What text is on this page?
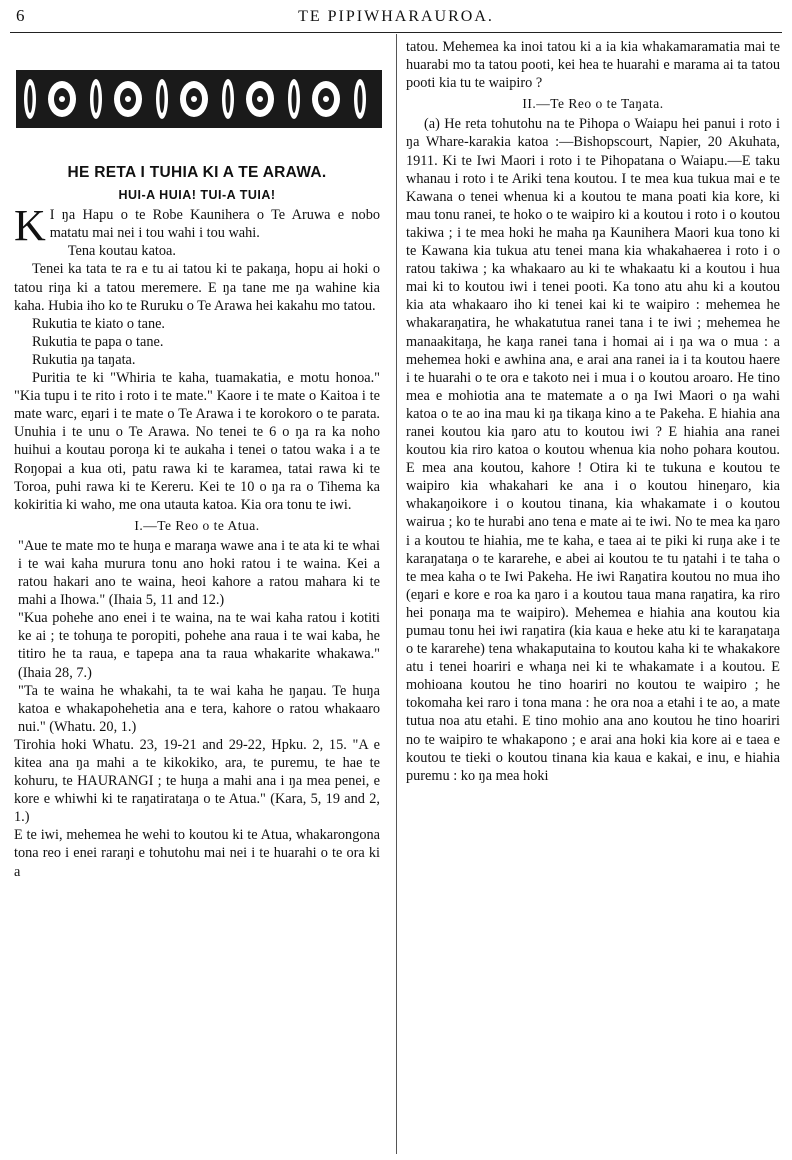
6	TE PIPIWHARAUROA.
HE RETA I TUHIA KI A TE ARAWA.
HUI-A HUIA! TUI-A TUIA!

K I ŋa Hapu o te Robe Kaunihera o Te Aruwa e nobo matatu mai nei i tou wahi i tou wahi.

Tena koutau katoa.

Tenei ka tata te ra e tu ai tatou ki te pakaŋa, hopu ai hoki o tatou riŋa ki a tatou meremere. E ŋa tane me ŋa wahine kia kaha. Hubia iho ko te Ruruku o Te Arawa hei kakahu mo tatou.

Rukutia te kiato o tane.

Rukutia te papa o tane.

Rukutia ŋa taŋata.

Puritia te ki "Whiria te kaha, tuamakatia, e motu honoa." "Kia tupu i te rito i roto i te mate." Kaore i te mate o Kaitoa i te mate warc, eŋari i te mate o Te Arawa i te korokoro o te parata. Unuhia i te unu o Te Arawa. No tenei te 6 o ŋa ra ka noho huihui a koutau poroŋa ki te aukaha i tenei o tatou waka i a te Roŋopai a kua oti, patu rawa ki te karamea, tatai rawa ki te Toroa, puhi rawa ki te Kereru. Kei te 10 o ŋa ra o Tihema ka kokiritia ki waho, me ona utauta katoa. Kia ora tonu te iwi.

I.—Te Reo o te Atua.

"Aue te mate mo te huŋa e maraŋa wawe ana i te ata ki te whai i te wai kaha murura tonu ano hoki ratou i te waina. Kei a ratou hakari ano te waina, heoi kahore a ratou mahara ki te mahi a Ihowa." (Ihaia 5, 11 and 12.)

"Kua pohehe ano enei i te waina, na te wai kaha ratou i kotiti ke ai ; te tohuŋa te poropiti, pohehe ana raua i te wai kaba, he titiro he ta raua, e tapepa ana ta raua whakarite whakawa." (Ihaia 28, 7.)

"Ta te waina he whakahi, ta te wai kaha he ŋaŋau. Te huŋa katoa e whakapohehetia ana e tera, kahore o ratou whakaaro nui." (Whatu. 20, 1.)

Tirohia hoki Whatu. 23, 19-21 and 29-22, Hpku. 2, 15. "A e kitea ana ŋa mahi a te kikokiko, ara, te puremu, te hae te kohuru, te HAURANGI ; te huŋa a mahi ana i ŋa mea penei, e kore e whiwhi ki te raŋatirataŋa o te Atua." (Kara, 5, 19 and 2, 1.)

E te iwi, mehemea he wehi to koutou ki te Atua, whakarongona tona reo i enei raraŋi e tohutohu mai nei i te huarahi o te ora ki a

tatou. Mehemea ka inoi tatou ki a ia kia whakamaramatia mai te huarabi mo ta tatou pooti, kei hea te huarahi e marama ai ta tatou pooti kia tu te waipiro ?

II.—Te Reo o te Taŋata.

(a) He reta tohutohu na te Pihopa o Waiapu hei panui i roto i ŋa Whare-karakia katoa :—Bishopscourt, Napier, 20 Akuhata, 1911. Ki te Iwi Maori i roto i te Pihopatana o Waiapu.—E taku whanau i roto i te Ariki tena koutou. I te mea kua tukua mai e te Kawana o tenei whenua ki a koutou te mana poati kia kore, ki mau tonu ranei, te hoko o te waipiro ki a koutou i roto i o koutou takiwa ; i te mea hoki he maha ŋa Kaunihera Maori kua tono ki te Kawana kia tukua atu tenei mana kia whakahaerea i roto i o ratou takiwa ; ka whakaaro au ki te whakaatu ki a koutou i hua mai ki to koutou iwi i tenei pooti. Ka tono atu ahu ki a koutou kia ata whakaaro iho ki tenei kai ki te waipiro : mehemea he whakaraŋatira, he whakatutua ranei tana i te iwi ; mehemea he manaakitaŋa, he kaŋa ranei tana i homai ai i ŋa wa o mua : a mehemea hoki e awhina ana, e arai ana ranei ia i ta koutou haere i te huarahi o te ora e takoto nei i mua i o koutou aroaro. He tino mea e mohiotia ana te matemate a o ŋa Iwi Maori o ŋa wahi katoa o te ao ina mau ki ŋa tikaŋa kino a te Pakeha. E hiahia ana ranei koutou kia ŋaro atu to koutou iwi ? E hiahia ana ranei koutou kia riro katoa o koutou whenua kia noho pohara koutou. E mea ana koutou, kahore ! Otira ki te tukuna e koutou te waipiro kia whakahari ke ana i o koutou hineŋaro, kia whakaŋoikore i o koutou tinana, kia whakamate i o koutou wairua ; ko te hurabi ano tena e mate ai te iwi. No te mea ka ŋaro i a koutou te hiahia, me te kaha, e taea ai te piki ki ruŋa ake i te karaŋataŋa o te kararehe, e abei ai koutou te tu ŋatahi i te taha o te mea kaha o te Iwi Pakeha. He iwi Raŋatira koutou no mua iho (eŋari e kore e roa ka ŋaro i a koutou taua mana raŋatira, ka riro hei ponaŋa ma te waipiro). Mehemea e hiahia ana koutou kia pumau tonu hei iwi raŋatira (kia kaua e heke atu ki te karaŋataŋa o te kararehe) tena whakaputaina to koutou kaha ki te whakakore atu i tenei hoariri e whaŋa nei ki te whakamate i a koutou. E mohioana koutou he tino hoariri no koutou te waipiro ; he tokomaha kei raro i tona mana : he ora noa a etahi i te ao, a mate tutua noa atu etahi. E tino mohio ana ano koutou he tino hoariri no te waipiro te whakapono ; e arai ana hoki kia kore ai e taea e koutou te tieki o koutou tinana kia kaua e kakai, e inu, e hiahia puremu : ko ŋa mea hoki
